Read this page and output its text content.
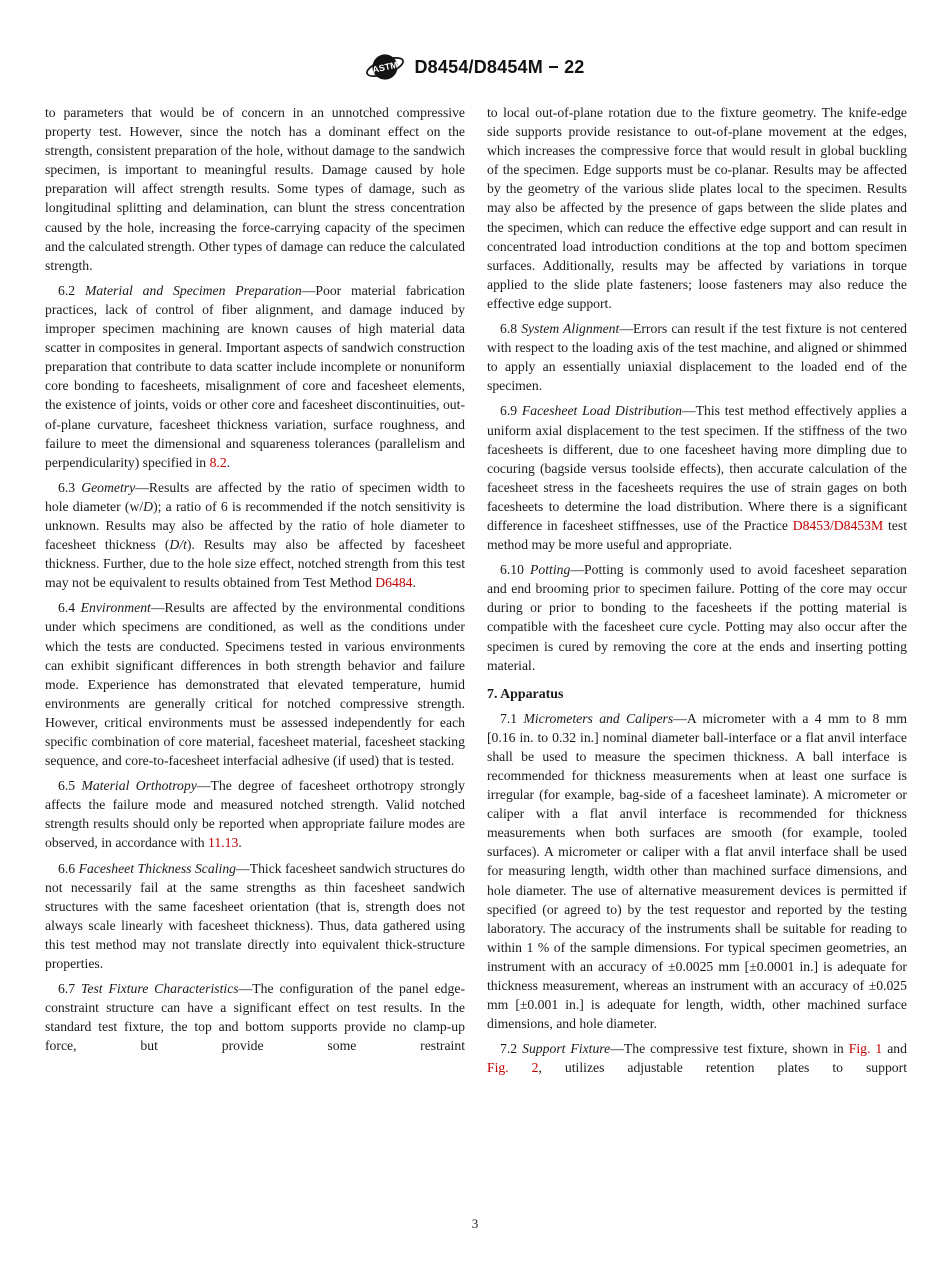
ASTM D8454/D8454M − 22

to parameters that would be of concern in an unnotched compressive property test. However, since the notch has a dominant effect on the strength, consistent preparation of the hole, without damage to the sandwich specimen, is important to meaningful results. Damage caused by hole preparation will affect strength results. Some types of damage, such as longitudinal splitting and delamination, can blunt the stress concentration caused by the hole, increasing the force-carrying capacity of the specimen and the calculated strength. Other types of damage can reduce the calculated strength.

6.2 Material and Specimen Preparation—Poor material fabrication practices, lack of control of fiber alignment, and damage induced by improper specimen machining are known causes of high material data scatter in composites in general. Important aspects of sandwich construction preparation that contribute to data scatter include incomplete or nonuniform core bonding to facesheets, misalignment of core and facesheet elements, the existence of joints, voids or other core and facesheet discontinuities, out-of-plane curvature, facesheet thickness variation, surface roughness, and failure to meet the dimensional and squareness tolerances (parallelism and perpendicularity) specified in 8.2.

6.3 Geometry—Results are affected by the ratio of specimen width to hole diameter (w/D); a ratio of 6 is recommended if the notch sensitivity is unknown. Results may also be affected by the ratio of hole diameter to facesheet thickness (D/t). Results may also be affected by facesheet thickness. Further, due to the hole size effect, notched strength from this test may not be equivalent to results obtained from Test Method D6484.

6.4 Environment—Results are affected by the environmental conditions under which specimens are conditioned, as well as the conditions under which the tests are conducted. Specimens tested in various environments can exhibit significant differences in both strength behavior and failure mode. Experience has demonstrated that elevated temperature, humid environments are generally critical for notched compressive strength. However, critical environments must be assessed independently for each specific combination of core material, facesheet material, facesheet stacking sequence, and core-to-facesheet interfacial adhesive (if used) that is tested.

6.5 Material Orthotropy—The degree of facesheet orthotropy strongly affects the failure mode and measured notched strength. Valid notched strength results should only be reported when appropriate failure modes are observed, in accordance with 11.13.

6.6 Facesheet Thickness Scaling—Thick facesheet sandwich structures do not necessarily fail at the same strengths as thin facesheet sandwich structures with the same facesheet orientation (that is, strength does not always scale linearly with facesheet thickness). Thus, data gathered using this test method may not translate directly into equivalent thick-structure properties.

6.7 Test Fixture Characteristics—The configuration of the panel edge-constraint structure can have a significant effect on test results. In the standard test fixture, the top and bottom supports provide no clamp-up force, but provide some restraint

to local out-of-plane rotation due to the fixture geometry. The knife-edge side supports provide resistance to out-of-plane movement at the edges, which increases the compressive force that would result in global buckling of the specimen. Edge supports must be co-planar. Results may be affected by the geometry of the various slide plates local to the specimen. Results may also be affected by the presence of gaps between the slide plates and the specimen, which can reduce the effective edge support and can result in concentrated load introduction conditions at the top and bottom specimen surfaces. Additionally, results may be affected by variations in torque applied to the slide plate fasteners; loose fasteners may also reduce the effective edge support.

6.8 System Alignment—Errors can result if the test fixture is not centered with respect to the loading axis of the test machine, and aligned or shimmed to apply an essentially uniaxial displacement to the loaded end of the specimen.

6.9 Facesheet Load Distribution—This test method effectively applies a uniform axial displacement to the test specimen. If the stiffness of the two facesheets is different, due to one facesheet having more dimpling due to cocuring (bagside versus toolside effects), then accurate calculation of the facesheet stress in the facesheets requires the use of strain gages on both facesheets to determine the load distribution. Where there is a significant difference in facesheet stiffnesses, use of the Practice D8453/D8453M test method may be more useful and appropriate.

6.10 Potting—Potting is commonly used to avoid facesheet separation and end brooming prior to specimen failure. Potting of the core may occur during or prior to bonding to the facesheets if the potting material is compatible with the facesheet cure cycle. Potting may also occur after the specimen is cured by removing the core at the ends and inserting potting material.

7. Apparatus

7.1 Micrometers and Calipers—A micrometer with a 4 mm to 8 mm [0.16 in. to 0.32 in.] nominal diameter ball-interface or a flat anvil interface shall be used to measure the specimen thickness. A ball interface is recommended for thickness measurements when at least one surface is irregular (for example, bag-side of a facesheet laminate). A micrometer or caliper with a flat anvil interface is recommended for thickness measurements when both surfaces are smooth (for example, tooled surfaces). A micrometer or caliper with a flat anvil interface shall be used for measuring length, width other than machined surface dimensions, and hole diameter. The use of alternative measurement devices is permitted if specified (or agreed to) by the test requestor and reported by the testing laboratory. The accuracy of the instruments shall be suitable for reading to within 1 % of the sample dimensions. For typical specimen geometries, an instrument with an accuracy of ±0.0025 mm [±0.0001 in.] is adequate for thickness measurement, whereas an instrument with an accuracy of ±0.025 mm [±0.001 in.] is adequate for length, width, other machined surface dimensions, and hole diameter.

7.2 Support Fixture—The compressive test fixture, shown in Fig. 1 and Fig. 2, utilizes adjustable retention plates to support

3
